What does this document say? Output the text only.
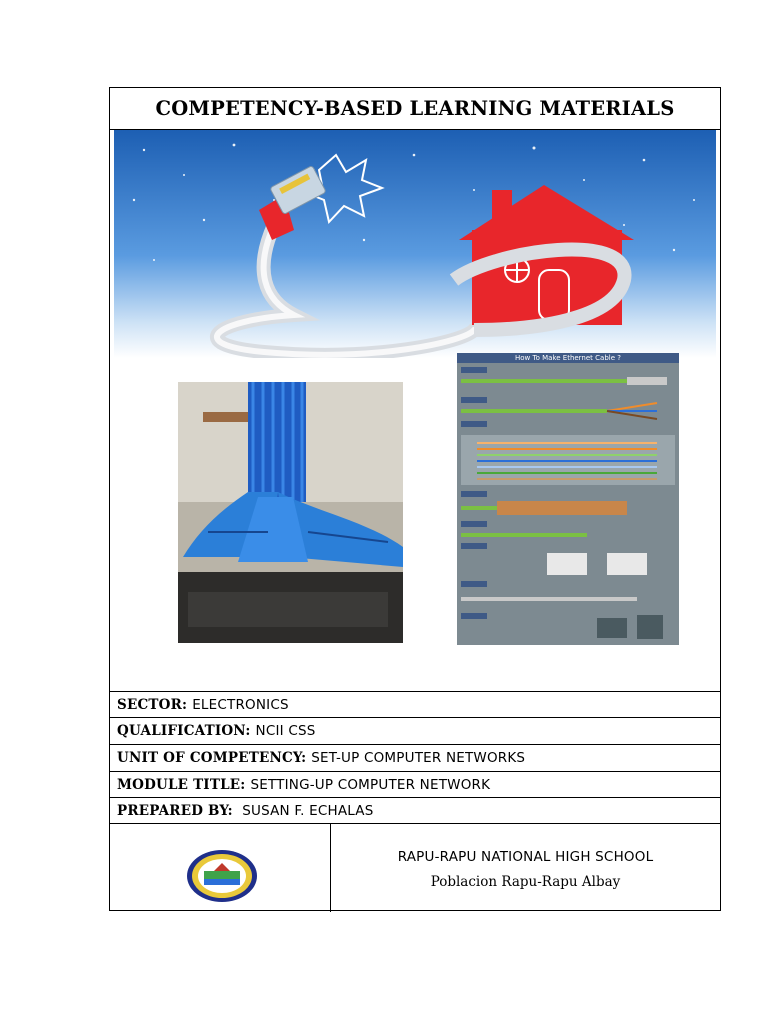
COMPETENCY-BASED LEARNING MATERIALS
How To Make Ethernet Cable ?
SECTOR: ELECTRONICS
QUALIFICATION: NCII CSS
UNIT OF COMPETENCY: SET-UP COMPUTER NETWORKS
MODULE TITLE: SETTING-UP COMPUTER NETWORK
PREPARED BY: SUSAN F. ECHALAS
RAPU-RAPU NATIONAL HIGH SCHOOL
Poblacion Rapu-Rapu Albay
